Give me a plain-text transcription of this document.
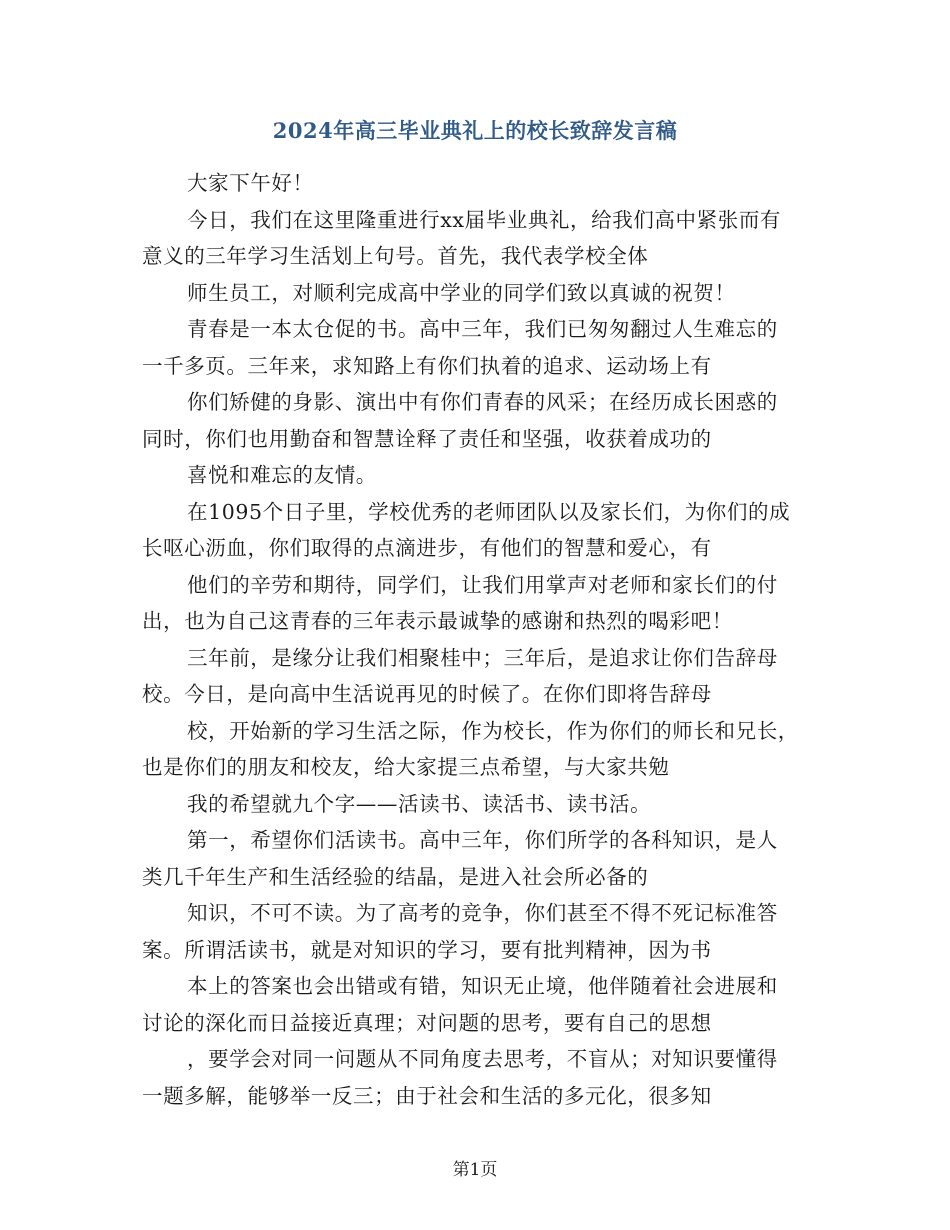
2024年高三毕业典礼上的校长致辞发言稿
大家下午好！
今日，我们在这里隆重进行xx届毕业典礼，给我们高中紧张而有
意义的三年学习生活划上句号。首先，我代表学校全体
师生员工，对顺利完成高中学业的同学们致以真诚的祝贺！
青春是一本太仓促的书。高中三年，我们已匆匆翻过人生难忘的
一千多页。三年来，求知路上有你们执着的追求、运动场上有
你们矫健的身影、演出中有你们青春的风采；在经历成长困惑的
同时，你们也用勤奋和智慧诠释了责任和坚强，收获着成功的
喜悦和难忘的友情。
在1095个日子里，学校优秀的老师团队以及家长们，为你们的成
长呕心沥血，你们取得的点滴进步，有他们的智慧和爱心，有
他们的辛劳和期待，同学们，让我们用掌声对老师和家长们的付
出，也为自己这青春的三年表示最诚挚的感谢和热烈的喝彩吧！
三年前，是缘分让我们相聚桂中；三年后，是追求让你们告辞母
校。今日，是向高中生活说再见的时候了。在你们即将告辞母
校，开始新的学习生活之际，作为校长，作为你们的师长和兄长，
也是你们的朋友和校友，给大家提三点希望，与大家共勉
我的希望就九个字——活读书、读活书、读书活。
第一，希望你们活读书。高中三年，你们所学的各科知识，是人
类几千年生产和生活经验的结晶，是进入社会所必备的
知识，不可不读。为了高考的竞争，你们甚至不得不死记标准答
案。所谓活读书，就是对知识的学习，要有批判精神，因为书
本上的答案也会出错或有错，知识无止境，他伴随着社会进展和
讨论的深化而日益接近真理；对问题的思考，要有自己的思想
，要学会对同一问题从不同角度去思考，不盲从；对知识要懂得
一题多解，能够举一反三；由于社会和生活的多元化，很多知
第1页
